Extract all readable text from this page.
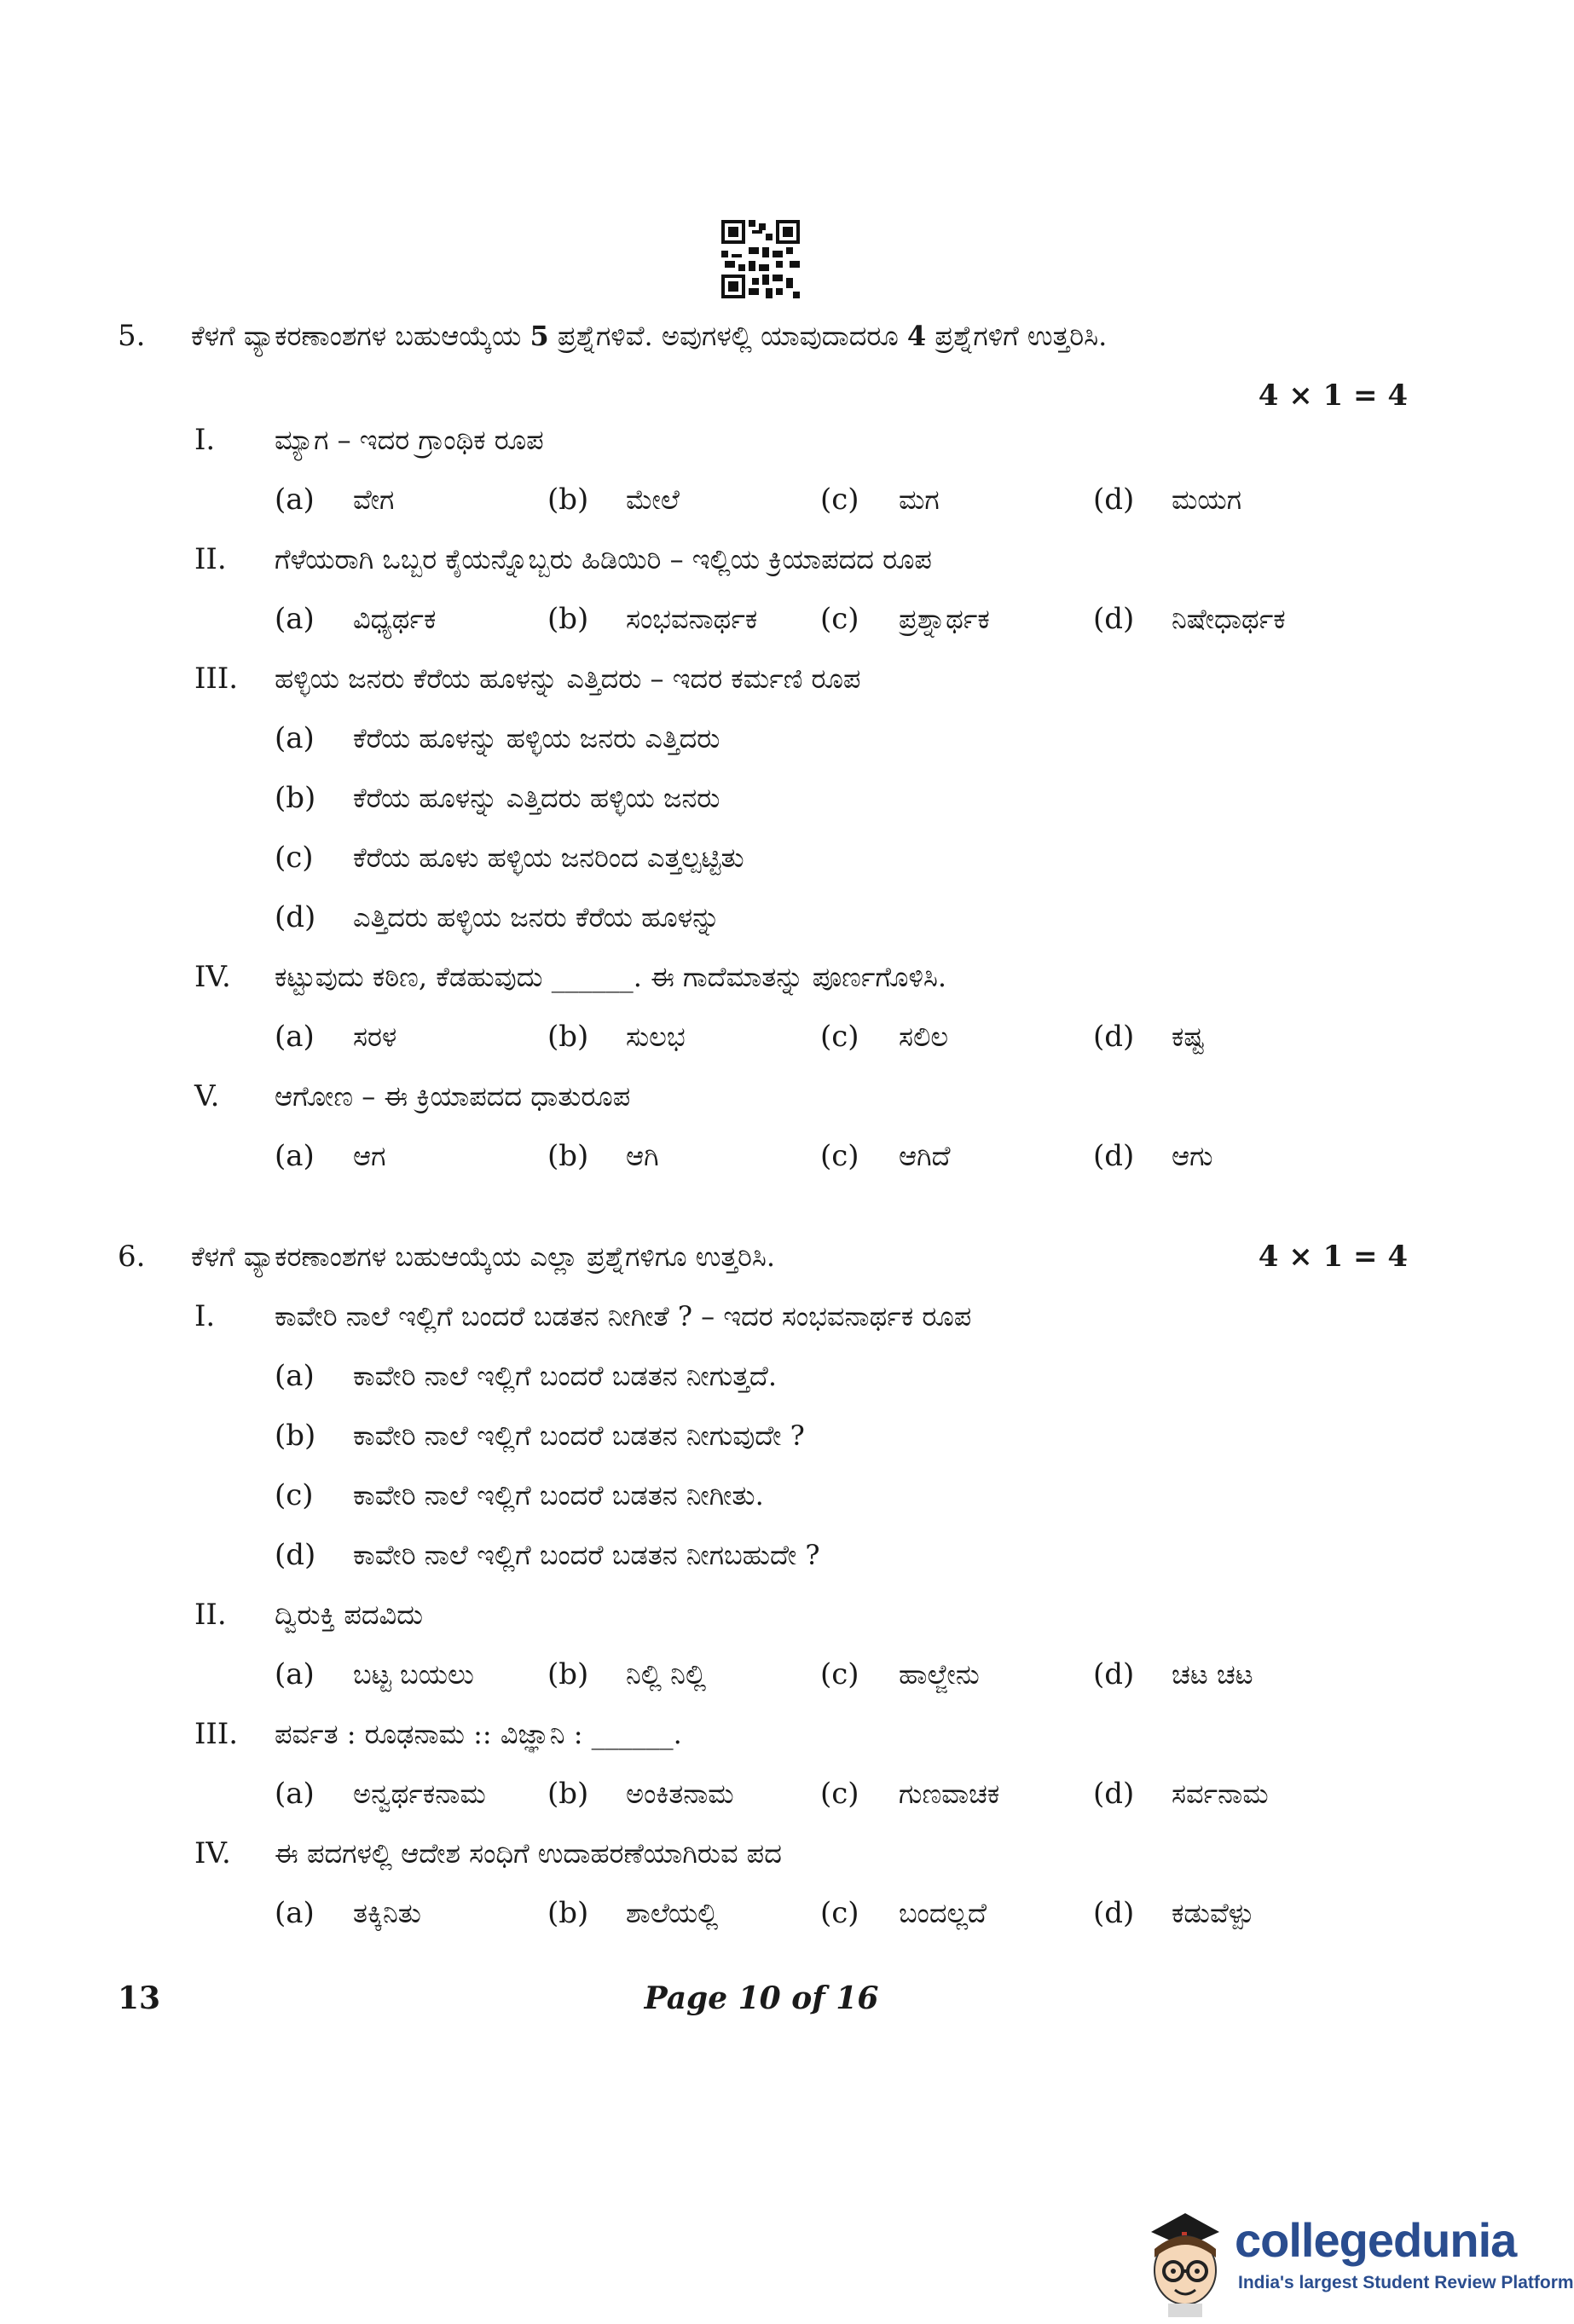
5. ಕೆಳಗೆ ವ್ಯಾಕರಣಾಂಶಗಳ ಬಹುಆಯ್ಕೆಯ 5 ಪ್ರಶ್ನೆಗಳಿವೆ. ಅವುಗಳಲ್ಲಿ ಯಾವುದಾದರೂ 4 ಪ್ರಶ್ನೆಗಳಿಗೆ ಉತ್ತರಿಸಿ.
4 × 1 = 4
I. ಮ್ಯಾಗ – ಇದರ ಗ್ರಾಂಥಿಕ ರೂಪ
(a) ವೇಗ	(b) ಮೇಲೆ	(c) ಮಗ	(d) ಮಯಗ
II. ಗೆಳೆಯರಾಗಿ ಒಬ್ಬರ ಕೈಯನ್ನೊಬ್ಬರು ಹಿಡಿಯಿರಿ – ಇಲ್ಲಿಯ ಕ್ರಿಯಾಪದದ ರೂಪ
(a) ವಿಧ್ಯರ್ಥಕ	(b) ಸಂಭವನಾರ್ಥಕ (c) ಪ್ರಶ್ನಾರ್ಥಕ	(d) ನಿಷೇಧಾರ್ಥಕ
III. ಹಳ್ಳಿಯ ಜನರು ಕೆರೆಯ ಹೂಳನ್ನು ಎತ್ತಿದರು – ಇದರ ಕರ್ಮಣಿ ರೂಪ
(a) ಕೆರೆಯ ಹೂಳನ್ನು ಹಳ್ಳಿಯ ಜನರು ಎತ್ತಿದರು
(b) ಕೆರೆಯ ಹೂಳನ್ನು ಎತ್ತಿದರು ಹಳ್ಳಿಯ ಜನರು
(c) ಕೆರೆಯ ಹೂಳು ಹಳ್ಳಿಯ ಜನರಿಂದ ಎತ್ತಲ್ಪಟ್ಟಿತು
(d) ಎತ್ತಿದರು ಹಳ್ಳಿಯ ಜನರು ಕೆರೆಯ ಹೂಳನ್ನು
IV. ಕಟ್ಟುವುದು ಕಠಿಣ, ಕೆಡಹುವುದು ______. ಈ ಗಾದೆಮಾತನ್ನು ಪೂರ್ಣಗೊಳಿಸಿ.
(a) ಸರಳ	(b) ಸುಲಭ	(c) ಸಲಿಲ	(d) ಕಷ್ಟ
V. ಆಗೋಣ – ಈ ಕ್ರಿಯಾಪದದ ಧಾತುರೂಪ
(a) ಆಗ	(b) ಆಗಿ	(c) ಆಗಿದೆ	(d) ಆಗು
6. ಕೆಳಗೆ ವ್ಯಾಕರಣಾಂಶಗಳ ಬಹುಆಯ್ಕೆಯ ಎಲ್ಲಾ ಪ್ರಶ್ನೆಗಳಿಗೂ ಉತ್ತರಿಸಿ.	4 × 1 = 4
I. ಕಾವೇರಿ ನಾಲೆ ಇಲ್ಲಿಗೆ ಬಂದರೆ ಬಡತನ ನೀಗೀತೆ ? – ಇದರ ಸಂಭವನಾರ್ಥಕ ರೂಪ
(a) ಕಾವೇರಿ ನಾಲೆ ಇಲ್ಲಿಗೆ ಬಂದರೆ ಬಡತನ ನೀಗುತ್ತದೆ.
(b) ಕಾವೇರಿ ನಾಲೆ ಇಲ್ಲಿಗೆ ಬಂದರೆ ಬಡತನ ನೀಗುವುದೇ ?
(c) ಕಾವೇರಿ ನಾಲೆ ಇಲ್ಲಿಗೆ ಬಂದರೆ ಬಡತನ ನೀಗೀತು.
(d) ಕಾವೇರಿ ನಾಲೆ ಇಲ್ಲಿಗೆ ಬಂದರೆ ಬಡತನ ನೀಗಬಹುದೇ ?
II. ದ್ವಿರುಕ್ತಿ ಪದವಿದು
(a) ಬಟ್ಟ ಬಯಲು	(b) ನಿಲ್ಲಿ ನಿಲ್ಲಿ	(c) ಹಾಲ್ಜೇನು	(d) ಚಟ ಚಟ
III. ಪರ್ವತ : ರೂಢನಾಮ :: ವಿಜ್ಞಾನಿ : ______.
(a) ಅನ್ವರ್ಥಕನಾಮ (b) ಅಂಕಿತನಾಮ	(c) ಗುಣವಾಚಕ	(d) ಸರ್ವನಾಮ
IV. ಈ ಪದಗಳಲ್ಲಿ ಆದೇಶ ಸಂಧಿಗೆ ಉದಾಹರಣೆಯಾಗಿರುವ ಪದ
(a) ತಕ್ಕಿನಿತು	(b) ಶಾಲೆಯಲ್ಲಿ	(c) ಬಂದಲ್ಲದೆ	(d) ಕಡುವೆಳ್ಪು
13	Page 10 of 16
collegedunia
India's largest Student Review Platform
